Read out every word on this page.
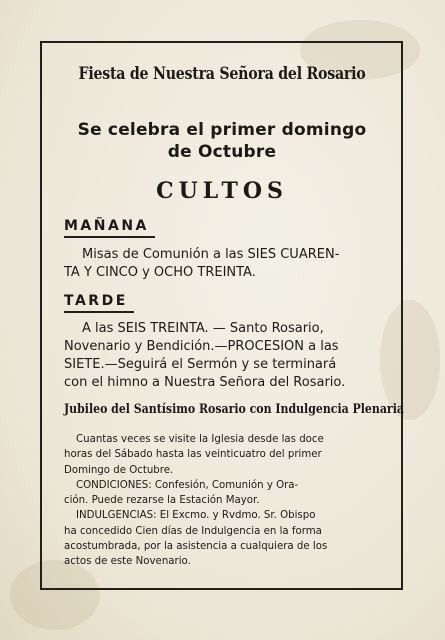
Fiesta de Nuestra Señora del Rosario
Se celebra el primer domingo
de Octubre
CULTOS
MAÑANA
Misas de Comunión a las SIES CUAREN-
TA Y CINCO y OCHO TREINTA.
TARDE
A las SEIS TREINTA. — Santo Rosario,
Novenario y Bendición.—PROCESION a las
SIETE.—Seguirá el Sermón y se terminará
con el himno a Nuestra Señora del Rosario.
Jubileo del Santísimo Rosario con Indulgencia Plenaria
Cuantas veces se visite la Iglesia desde las doce
horas del Sábado hasta las veinticuatro del primer
Domingo de Octubre.
CONDICIONES: Confesión, Comunión y Ora-
ción. Puede rezarse la Estación Mayor.
INDULGENCIAS: El Excmo. y Rvdmo. Sr. Obispo
ha concedido Cien días de Indulgencia en la forma
acostumbrada, por la asistencia a cualquiera de los
actos de este Novenario.
